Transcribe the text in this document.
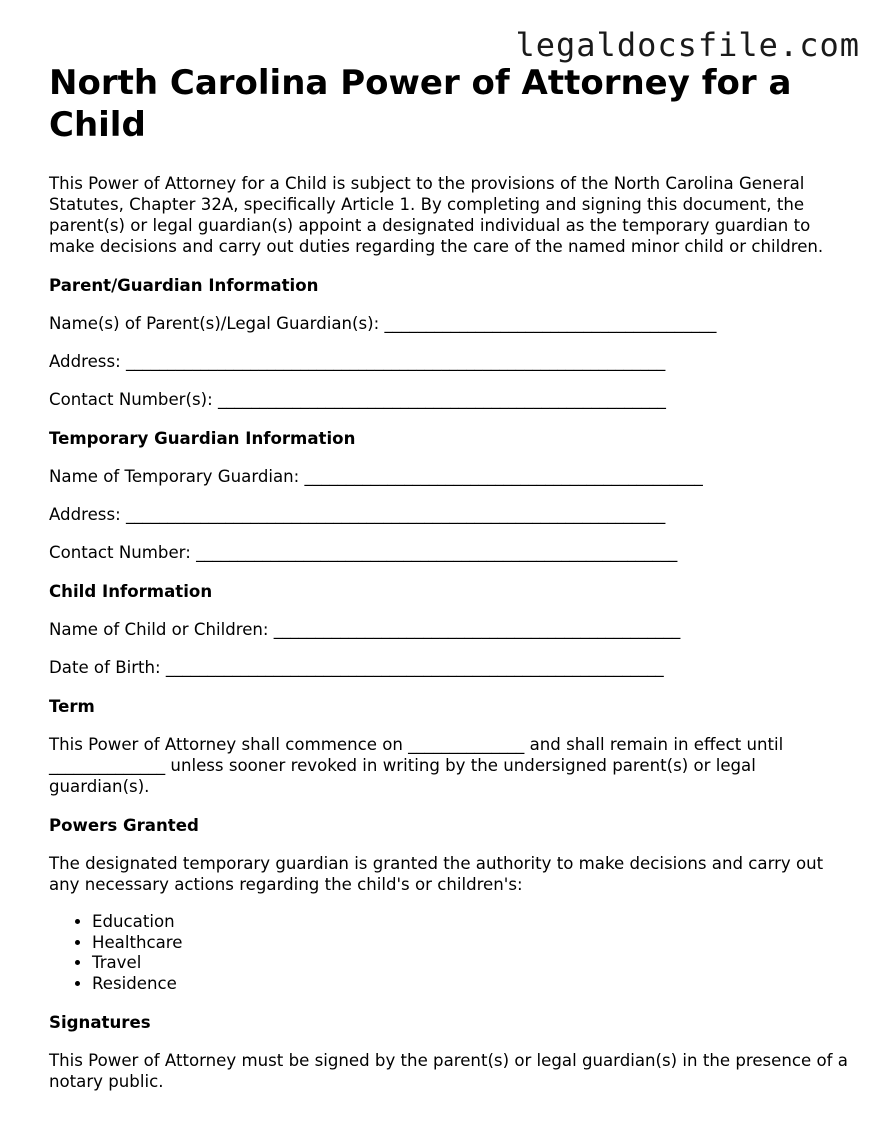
legaldocsfile.com
North Carolina Power of Attorney for a Child

This Power of Attorney for a Child is subject to the provisions of the North Carolina General Statutes, Chapter 32A, specifically Article 1. By completing and signing this document, the parent(s) or legal guardian(s) appoint a designated individual as the temporary guardian to make decisions and carry out duties regarding the care of the named minor child or children.

Parent/Guardian Information

Name(s) of Parent(s)/Legal Guardian(s): ________________________________________

Address: _________________________________________________________________

Contact Number(s): ______________________________________________________

Temporary Guardian Information

Name of Temporary Guardian: ________________________________________________

Address: _________________________________________________________________

Contact Number: __________________________________________________________

Child Information

Name of Child or Children: _________________________________________________

Date of Birth: ____________________________________________________________

Term

This Power of Attorney shall commence on ______________ and shall remain in effect until ______________ unless sooner revoked in writing by the undersigned parent(s) or legal guardian(s).

Powers Granted

The designated temporary guardian is granted the authority to make decisions and carry out any necessary actions regarding the child's or children's:

• Education
• Healthcare
• Travel
• Residence
Signatures

This Power of Attorney must be signed by the parent(s) or legal guardian(s) in the presence of a notary public.
